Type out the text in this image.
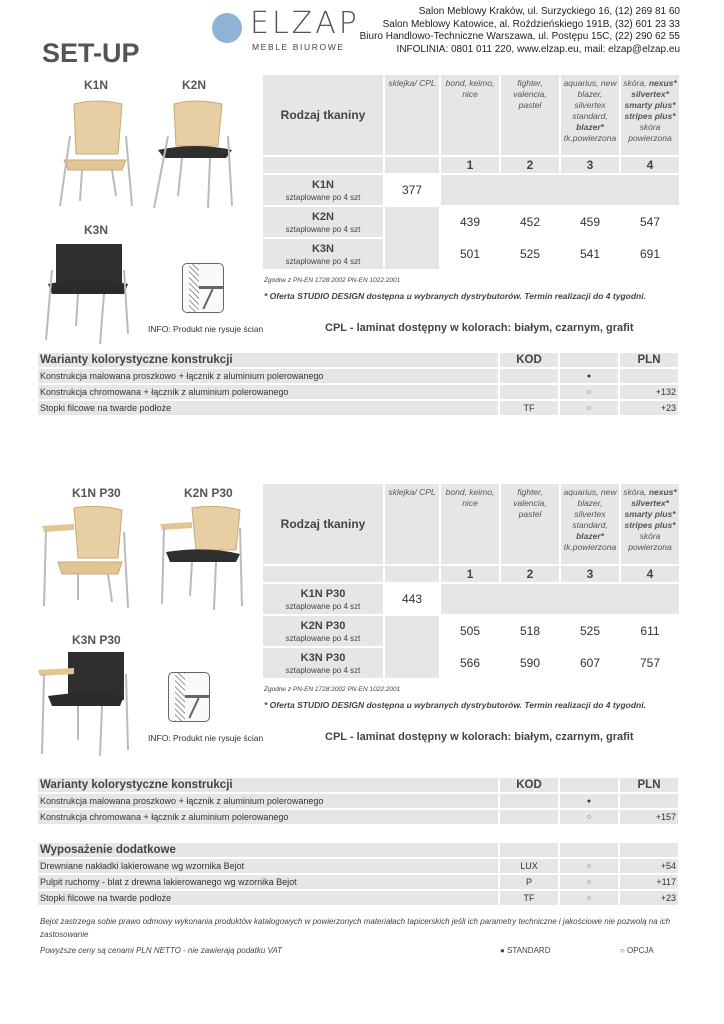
ELZAP
MEBLE BIUROWE
Salon Meblowy Kraków, ul. Surzyckiego 16, (12) 269 81 60
Salon Meblowy Katowice, al. Roździeńskiego 191B, (32) 601 23 33
Biuro Handlowo-Techniczne Warszawa, ul. Postępu 15C, (22) 290 62 55
INFOLINIA: 0801 011 220, www.elzap.eu, mail: elzap@elzap.eu
SET-UP
K1N	K2N
K3N
INFO: Produkt nie rysuje ścian
Rodzaj tkaniny	sklejka/ CPL	bond, keimo, nice	fighter, valencia, pastel	aquarius, new blazer, silvertex standard, blazer* tk.powierzona	skóra, nexus* silvertex* smarty plus* stripes plus* skóra powierzona
		1	2	3	4

K1N
sztaplowane po 4 szt	377				

K2N
sztaplowane po 4 szt		439	452	459	547

K3N
sztaplowane po 4 szt		501	525	541	691
Zgodne z PN-EN 1728:2002 PN-EN 1022:2001
* Oferta STUDIO DESIGN dostępna u wybranych dystrybutorów. Termin realizacji do 4 tygodni.
CPL - laminat dostępny w kolorach: białym, czarnym, grafit
Warianty kolorystyczne konstrukcji	KOD		PLN
Konstrukcja malowana proszkowo + łącznik z aluminium polerowanego		●	
Konstrukcja chromowana + łącznik z aluminium polerowanego		○	+132
Stopki filcowe na twarde podłoże	TF	○	+23
K1N P30	K2N P30
K3N P30
INFO: Produkt nie rysuje ścian
Rodzaj tkaniny	sklejka/ CPL	bond, keimo, nice	fighter, valencia, pastel	aquarius, new blazer, silvertex standard, blazer* tk.powierzona	skóra, nexus* silvertex* smarty plus* stripes plus* skóra powierzona
		1	2	3	4

K1N P30
sztaplowane po 4 szt	443				

K2N P30
sztaplowane po 4 szt		505	518	525	611

K3N P30
sztaplowane po 4 szt		566	590	607	757
Zgodne z PN-EN 1728:2002 PN-EN 1022:2001
* Oferta STUDIO DESIGN dostępna u wybranych dystrybutorów. Termin realizacji do 4 tygodni.
CPL - laminat dostępny w kolorach: białym, czarnym, grafit
Warianty kolorystyczne konstrukcji	KOD		PLN
Konstrukcja malowana proszkowo + łącznik z aluminium polerowanego		●	
Konstrukcja chromowana + łącznik z aluminium polerowanego		○	+157
Wyposażenie dodatkowe			
Drewniane nakładki lakierowane wg wzornika Bejot	LUX	○	+54
Pulpit ruchomy - blat z drewna lakierowanego wg wzornika Bejot	P	○	+117
Stopki filcowe na twarde podłoże	TF	○	+23
Bejot zastrzega sobie prawo odmowy wykonania produktów katalogowych w powierzonych materiałach tapicerskich jeśli ich parametry techniczne i jakościowe nie pozwolą na ich zastosowanie
Powyższe ceny są cenami PLN NETTO - nie zawierają podatku VAT	● STANDARD	○ OPCJA
